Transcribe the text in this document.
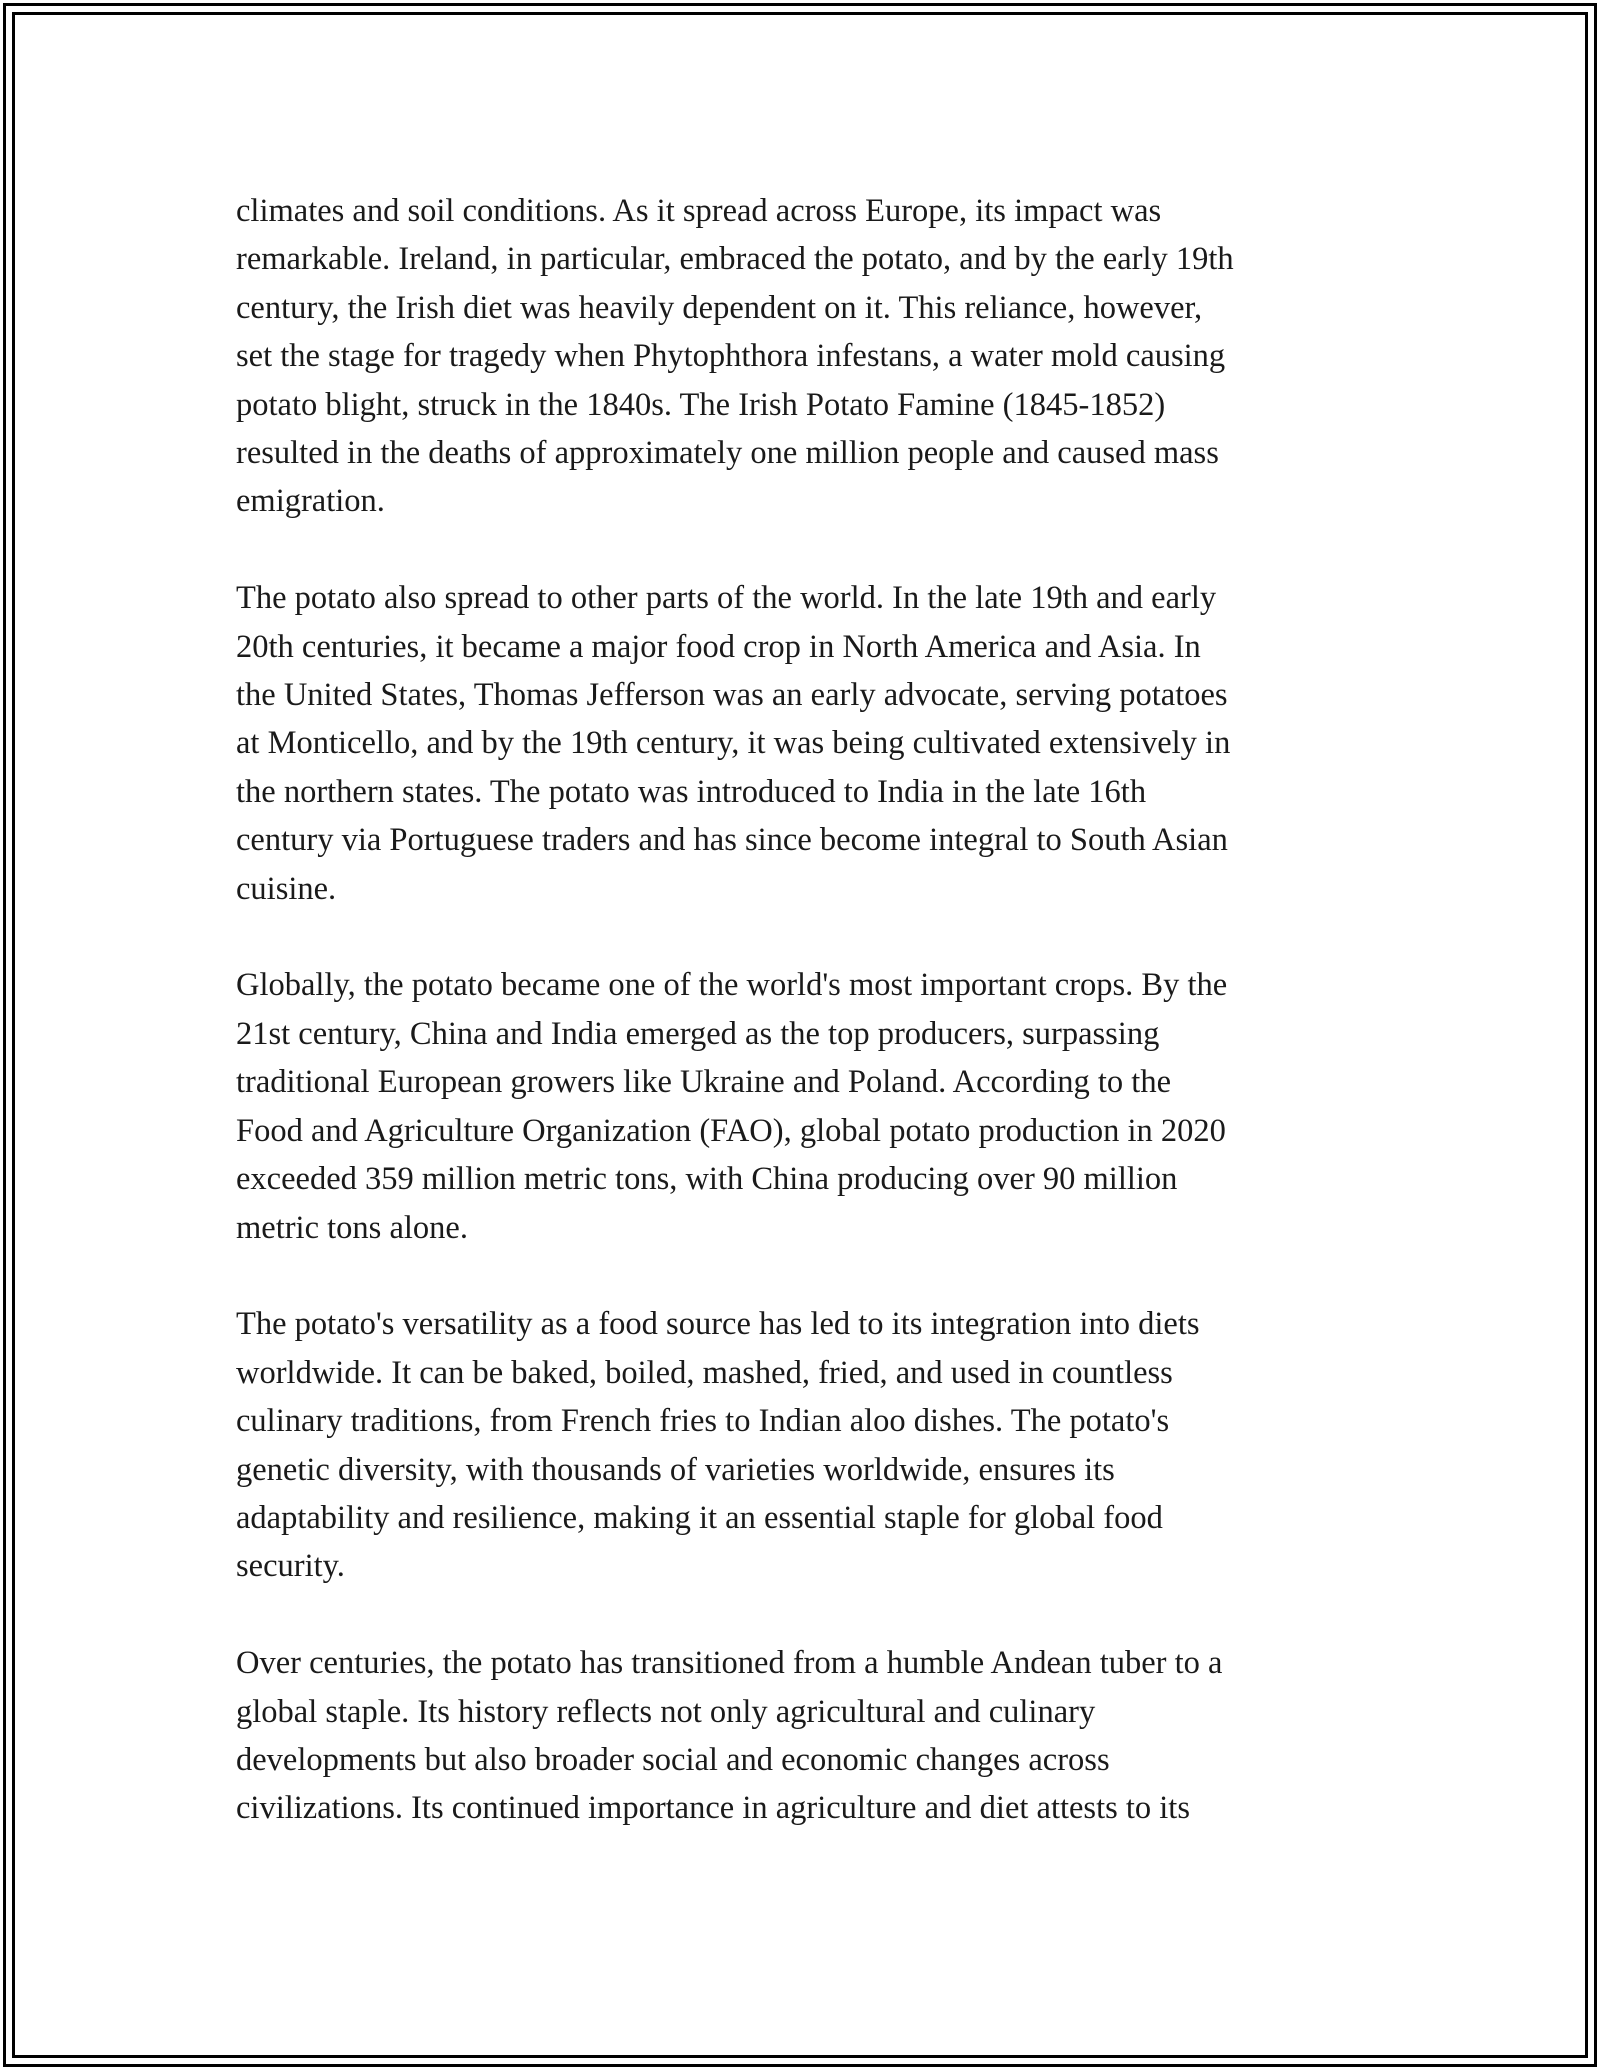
climates and soil conditions. As it spread across Europe, its impact was
remarkable. Ireland, in particular, embraced the potato, and by the early 19th
century, the Irish diet was heavily dependent on it. This reliance, however,
set the stage for tragedy when Phytophthora infestans, a water mold causing
potato blight, struck in the 1840s. The Irish Potato Famine (1845-1852)
resulted in the deaths of approximately one million people and caused mass
emigration.
The potato also spread to other parts of the world. In the late 19th and early
20th centuries, it became a major food crop in North America and Asia. In
the United States, Thomas Jefferson was an early advocate, serving potatoes
at Monticello, and by the 19th century, it was being cultivated extensively in
the northern states. The potato was introduced to India in the late 16th
century via Portuguese traders and has since become integral to South Asian
cuisine.
Globally, the potato became one of the world's most important crops. By the
21st century, China and India emerged as the top producers, surpassing
traditional European growers like Ukraine and Poland. According to the
Food and Agriculture Organization (FAO), global potato production in 2020
exceeded 359 million metric tons, with China producing over 90 million
metric tons alone.
The potato's versatility as a food source has led to its integration into diets
worldwide. It can be baked, boiled, mashed, fried, and used in countless
culinary traditions, from French fries to Indian aloo dishes. The potato's
genetic diversity, with thousands of varieties worldwide, ensures its
adaptability and resilience, making it an essential staple for global food
security.
Over centuries, the potato has transitioned from a humble Andean tuber to a
global staple. Its history reflects not only agricultural and culinary
developments but also broader social and economic changes across
civilizations. Its continued importance in agriculture and diet attests to its
